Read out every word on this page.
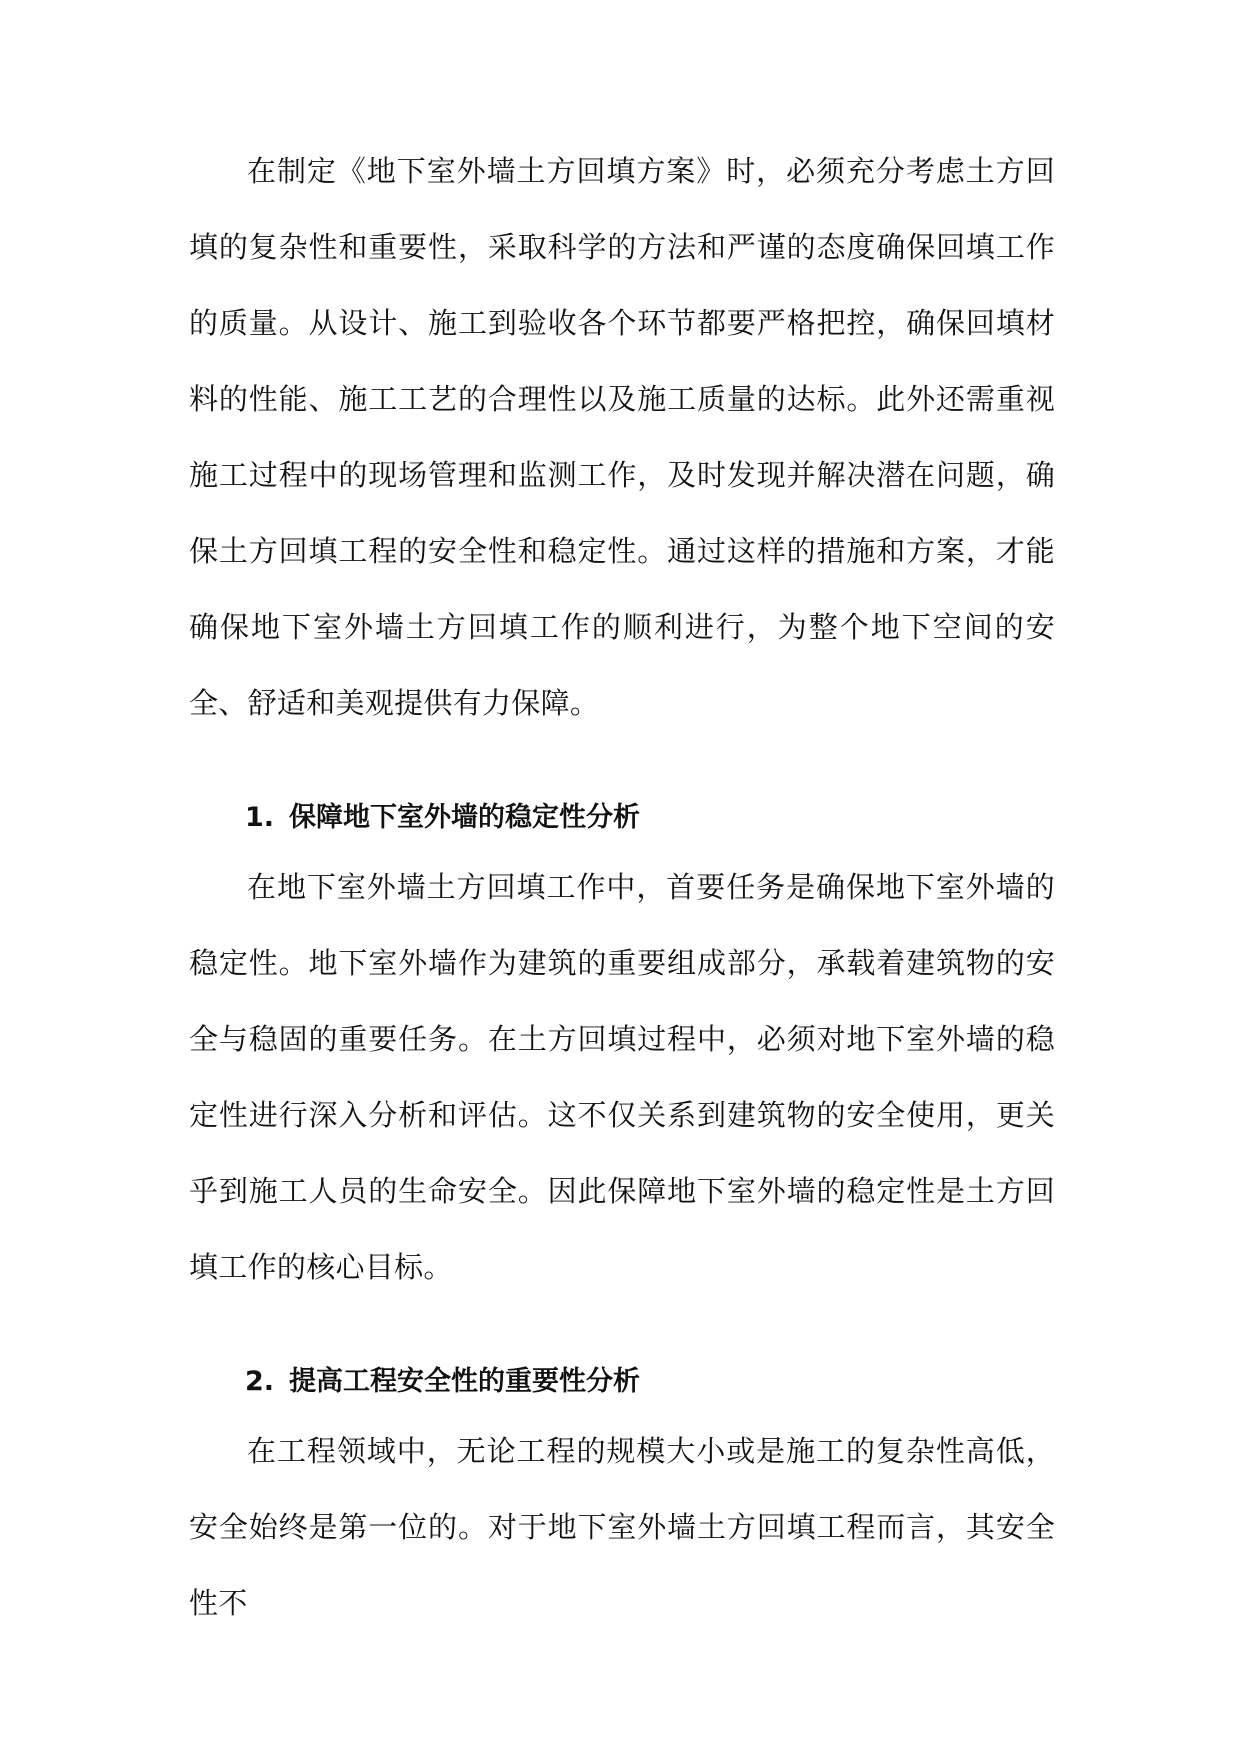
在制定《地下室外墙土方回填方案》时，必须充分考虑土方回填的复杂性和重要性，采取科学的方法和严谨的态度确保回填工作的质量。从设计、施工到验收各个环节都要严格把控，确保回填材料的性能、施工工艺的合理性以及施工质量的达标。此外还需重视施工过程中的现场管理和监测工作，及时发现并解决潜在问题，确保土方回填工程的安全性和稳定性。通过这样的措施和方案，才能确保地下室外墙土方回填工作的顺利进行，为整个地下空间的安全、舒适和美观提供有力保障。

1. 保障地下室外墙的稳定性分析

在地下室外墙土方回填工作中，首要任务是确保地下室外墙的稳定性。地下室外墙作为建筑的重要组成部分，承载着建筑物的安全与稳固的重要任务。在土方回填过程中，必须对地下室外墙的稳定性进行深入分析和评估。这不仅关系到建筑物的安全使用，更关乎到施工人员的生命安全。因此保障地下室外墙的稳定性是土方回填工作的核心目标。

2. 提高工程安全性的重要性分析

在工程领域中，无论工程的规模大小或是施工的复杂性高低，安全始终是第一位的。对于地下室外墙土方回填工程而言，其安全性不
